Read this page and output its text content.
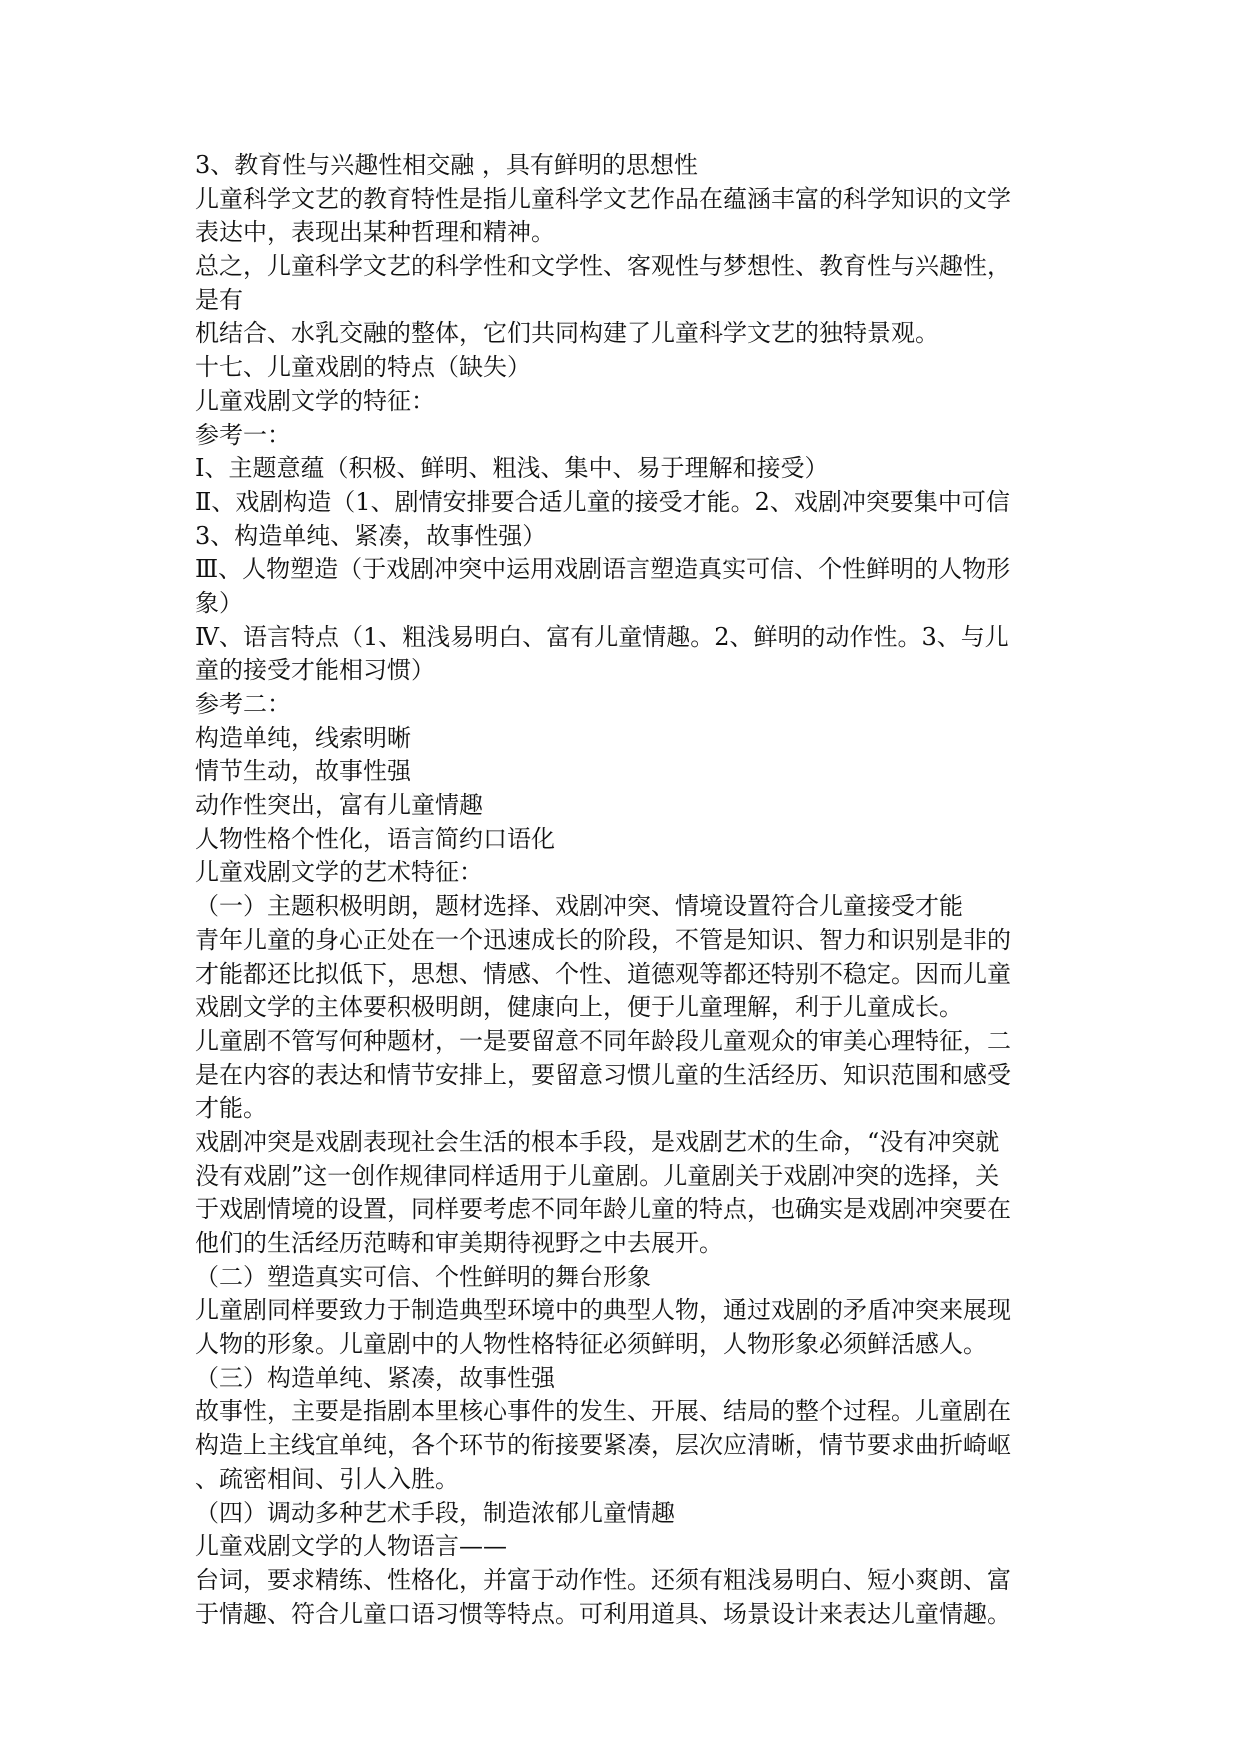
3、教育性与兴趣性相交融 ，具有鲜明的思想性
儿童科学文艺的教育特性是指儿童科学文艺作品在蕴涵丰富的科学知识的文学
表达中，表现出某种哲理和精神。
总之，儿童科学文艺的科学性和文学性、客观性与梦想性、教育性与兴趣性，
是有
机结合、水乳交融的整体，它们共同构建了儿童科学文艺的独特景观。
十七、儿童戏剧的特点（缺失）
儿童戏剧文学的特征：
参考一：
Ⅰ、主题意蕴（积极、鲜明、粗浅、集中、易于理解和接受）
Ⅱ、戏剧构造（1、剧情安排要合适儿童的接受才能。2、戏剧冲突要集中可信
3、构造单纯、紧凑，故事性强）
Ⅲ、人物塑造（于戏剧冲突中运用戏剧语言塑造真实可信、个性鲜明的人物形
象）
Ⅳ、语言特点（1、粗浅易明白、富有儿童情趣。2、鲜明的动作性。3、与儿
童的接受才能相习惯）
参考二：
构造单纯，线索明晰
情节生动，故事性强
动作性突出，富有儿童情趣
人物性格个性化，语言简约口语化
儿童戏剧文学的艺术特征：
（一）主题积极明朗，题材选择、戏剧冲突、情境设置符合儿童接受才能
青年儿童的身心正处在一个迅速成长的阶段，不管是知识、智力和识别是非的
才能都还比拟低下，思想、情感、个性、道德观等都还特别不稳定。因而儿童
戏剧文学的主体要积极明朗，健康向上，便于儿童理解，利于儿童成长。
儿童剧不管写何种题材，一是要留意不同年龄段儿童观众的审美心理特征，二
是在内容的表达和情节安排上，要留意习惯儿童的生活经历、知识范围和感受
才能。
戏剧冲突是戏剧表现社会生活的根本手段，是戏剧艺术的生命，“没有冲突就
没有戏剧”这一创作规律同样适用于儿童剧。儿童剧关于戏剧冲突的选择，关
于戏剧情境的设置，同样要考虑不同年龄儿童的特点，也确实是戏剧冲突要在
他们的生活经历范畴和审美期待视野之中去展开。
（二）塑造真实可信、个性鲜明的舞台形象
儿童剧同样要致力于制造典型环境中的典型人物，通过戏剧的矛盾冲突来展现
人物的形象。儿童剧中的人物性格特征必须鲜明，人物形象必须鲜活感人。
（三）构造单纯、紧凑，故事性强
故事性，主要是指剧本里核心事件的发生、开展、结局的整个过程。儿童剧在
构造上主线宜单纯，各个环节的衔接要紧凑，层次应清晰，情节要求曲折崎岖
、疏密相间、引人入胜。
（四）调动多种艺术手段，制造浓郁儿童情趣
儿童戏剧文学的人物语言——
台词，要求精练、性格化，并富于动作性。还须有粗浅易明白、短小爽朗、富
于情趣、符合儿童口语习惯等特点。可利用道具、场景设计来表达儿童情趣。
